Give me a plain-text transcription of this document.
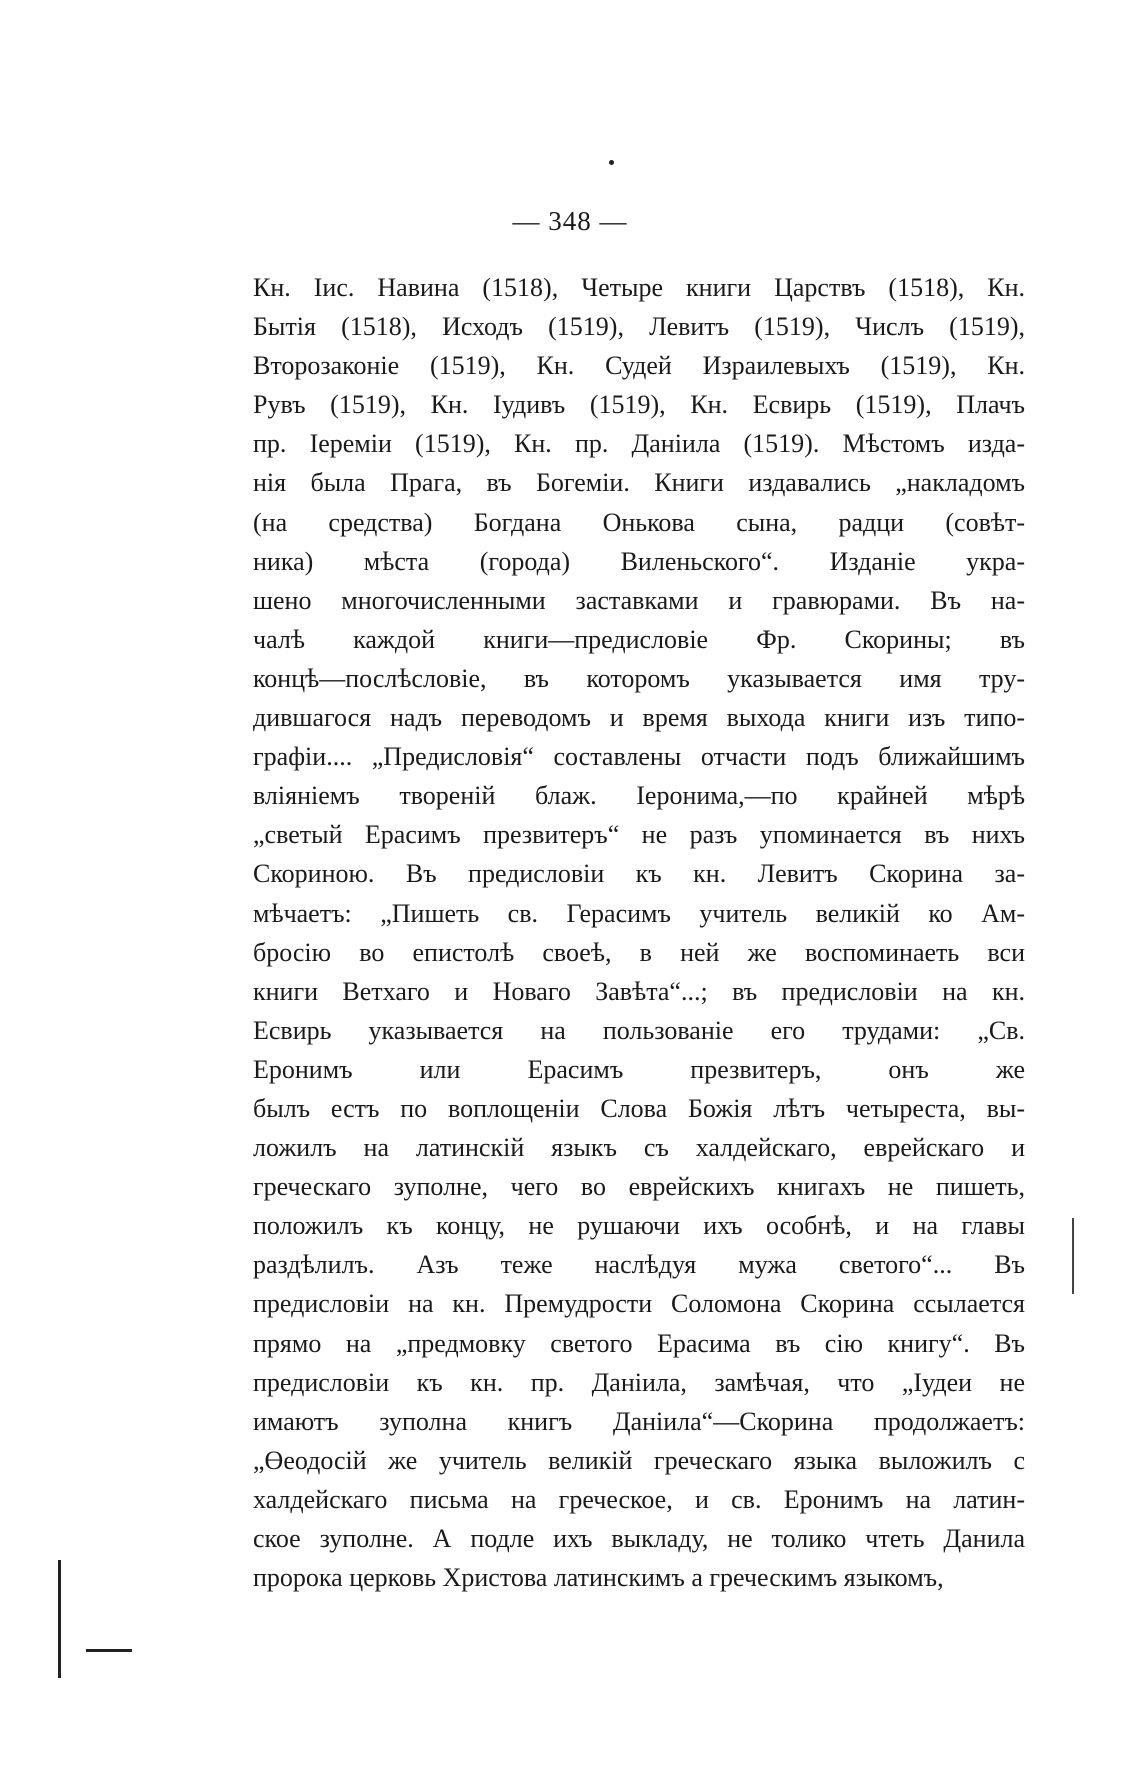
— 348 —
Кн. Іис. Навина (1518), Четыре книги Царствъ (1518), Кн.
Бытія (1518), Исходъ (1519), Левитъ (1519), Числъ (1519),
Второзаконіе (1519), Кн. Судей Израилевыхъ (1519), Кн.
Рувъ (1519), Кн. Іудивъ (1519), Кн. Есвирь (1519), Плачъ
пр. Іереміи (1519), Кн. пр. Даніила (1519). Мѣстомъ изда-
нія была Прага, въ Богеміи. Книги издавались „накладомъ
(на средства) Богдана Онькова сына, радци (совѣт-
ника) мѣста (города) Виленьского“. Изданіе укра-
шено многочисленными заставками и гравюрами. Въ на-
чалѣ каждой книги—предисловіе Фр. Скорины; въ
концѣ—послѣсловіе, въ которомъ указывается имя тру-
дившагося надъ переводомъ и время выхода книги изъ типо-
графіи.... „Предисловія“ составлены отчасти подъ ближайшимъ
вліяніемъ твореній блаж. Іеронима,—по крайней мѣрѣ
„светый Ерасимъ презвитеръ“ не разъ упоминается въ нихъ
Скориною. Въ предисловіи къ кн. Левитъ Скорина за-
мѣчаетъ: „Пишеть св. Герасимъ учитель великій ко Ам-
бросію во епистолѣ своеѣ, в ней же воспоминаеть вси
книги Ветхаго и Новаго Завѣта“...; въ предисловіи на кн.
Есвирь указывается на пользованіе его трудами: „Св.
Еронимъ или Ерасимъ презвитеръ, онъ же
былъ естъ по воплощеніи Слова Божія лѣтъ четыреста, вы-
ложилъ на латинскій языкъ съ халдейскаго, еврейскаго и
греческаго зуполне, чего во еврейскихъ книгахъ не пишеть,
положилъ къ концу, не рушаючи ихъ особнѣ, и на главы
раздѣлилъ. Азъ теже наслѣдуя мужа светого“... Въ
предисловіи на кн. Премудрости Соломона Скорина ссылается
прямо на „предмовку светого Ерасима въ сію книгу“. Въ
предисловіи къ кн. пр. Даніила, замѣчая, что „Іудеи не
имаютъ зуполна книгъ Даніила“—Скорина продолжаетъ:
„Өеодосій же учитель великій греческаго языка выложилъ с
халдейскаго письма на греческое, и св. Еронимъ на латин-
ское зуполне. А подле ихъ выкладу, не толико чтеть Данила
пророка церковь Христова латинскимъ а греческимъ языкомъ,
